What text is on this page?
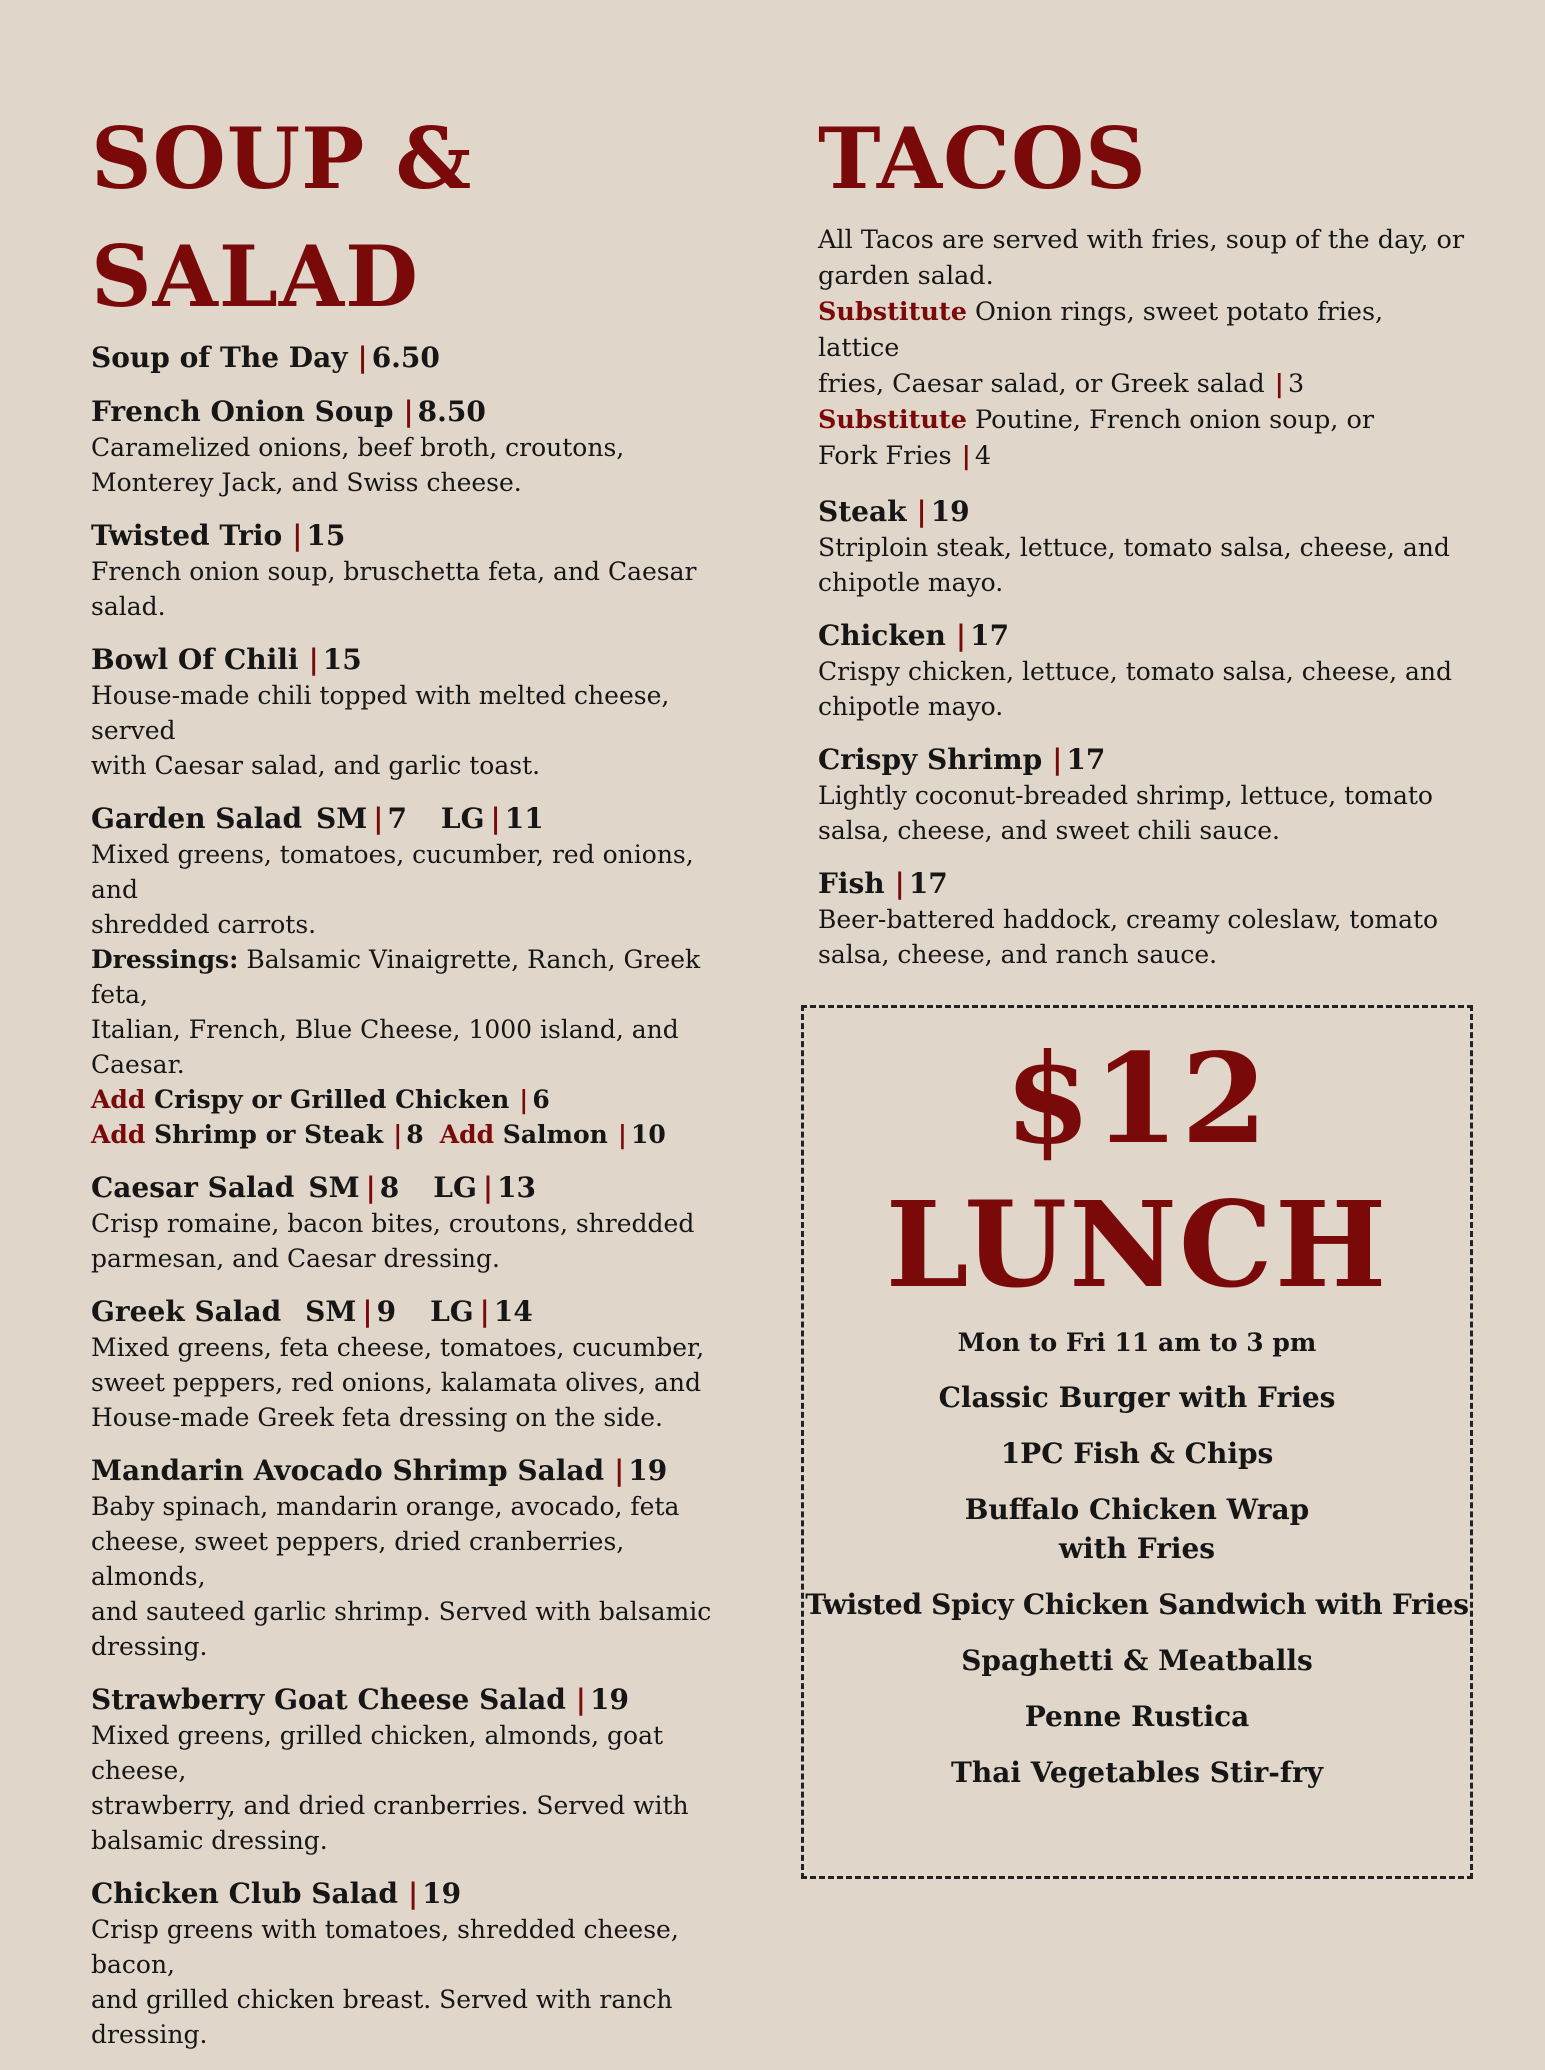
SOUP &
SALAD
Soup of The Day | 6.50
French Onion Soup | 8.50
Caramelized onions, beef broth, croutons,
Monterey Jack, and Swiss cheese.
Twisted Trio | 15
French onion soup, bruschetta feta, and Caesar salad.
Bowl Of Chili | 15
House-made chili topped with melted cheese, served
with Caesar salad, and garlic toast.
Garden Salad SM | 7 LG | 11
Mixed greens, tomatoes, cucumber, red onions, and
shredded carrots.
Dressings: Balsamic Vinaigrette, Ranch, Greek feta,
Italian, French, Blue Cheese, 1000 island, and Caesar.
Add Crispy or Grilled Chicken | 6
Add Shrimp or Steak | 8 Add Salmon | 10
Caesar Salad SM | 8 LG | 13
Crisp romaine, bacon bites, croutons, shredded
parmesan, and Caesar dressing.
Greek Salad SM | 9 LG | 14
Mixed greens, feta cheese, tomatoes, cucumber,
sweet peppers, red onions, kalamata olives, and
House-made Greek feta dressing on the side.
Mandarin Avocado Shrimp Salad | 19
Baby spinach, mandarin orange, avocado, feta
cheese, sweet peppers, dried cranberries, almonds,
and sauteed garlic shrimp. Served with balsamic
dressing.
Strawberry Goat Cheese Salad | 19
Mixed greens, grilled chicken, almonds, goat cheese,
strawberry, and dried cranberries. Served with
balsamic dressing.
Chicken Club Salad | 19
Crisp greens with tomatoes, shredded cheese, bacon,
and grilled chicken breast. Served with ranch
dressing.
TACOS
All Tacos are served with fries, soup of the day, or
garden salad.
Substitute Onion rings, sweet potato fries, lattice
fries, Caesar salad, or Greek salad | 3
Substitute Poutine, French onion soup, or
Fork Fries | 4
Steak | 19
Striploin steak, lettuce, tomato salsa, cheese, and
chipotle mayo.
Chicken | 17
Crispy chicken, lettuce, tomato salsa, cheese, and
chipotle mayo.
Crispy Shrimp | 17
Lightly coconut-breaded shrimp, lettuce, tomato
salsa, cheese, and sweet chili sauce.
Fish | 17
Beer-battered haddock, creamy coleslaw, tomato
salsa, cheese, and ranch sauce.
$12
LUNCH
Mon to Fri 11 am to 3 pm
Classic Burger with Fries
1PC Fish & Chips
Buffalo Chicken Wrap
with Fries
Twisted Spicy Chicken Sandwich with Fries
Spaghetti & Meatballs
Penne Rustica
Thai Vegetables Stir-fry
